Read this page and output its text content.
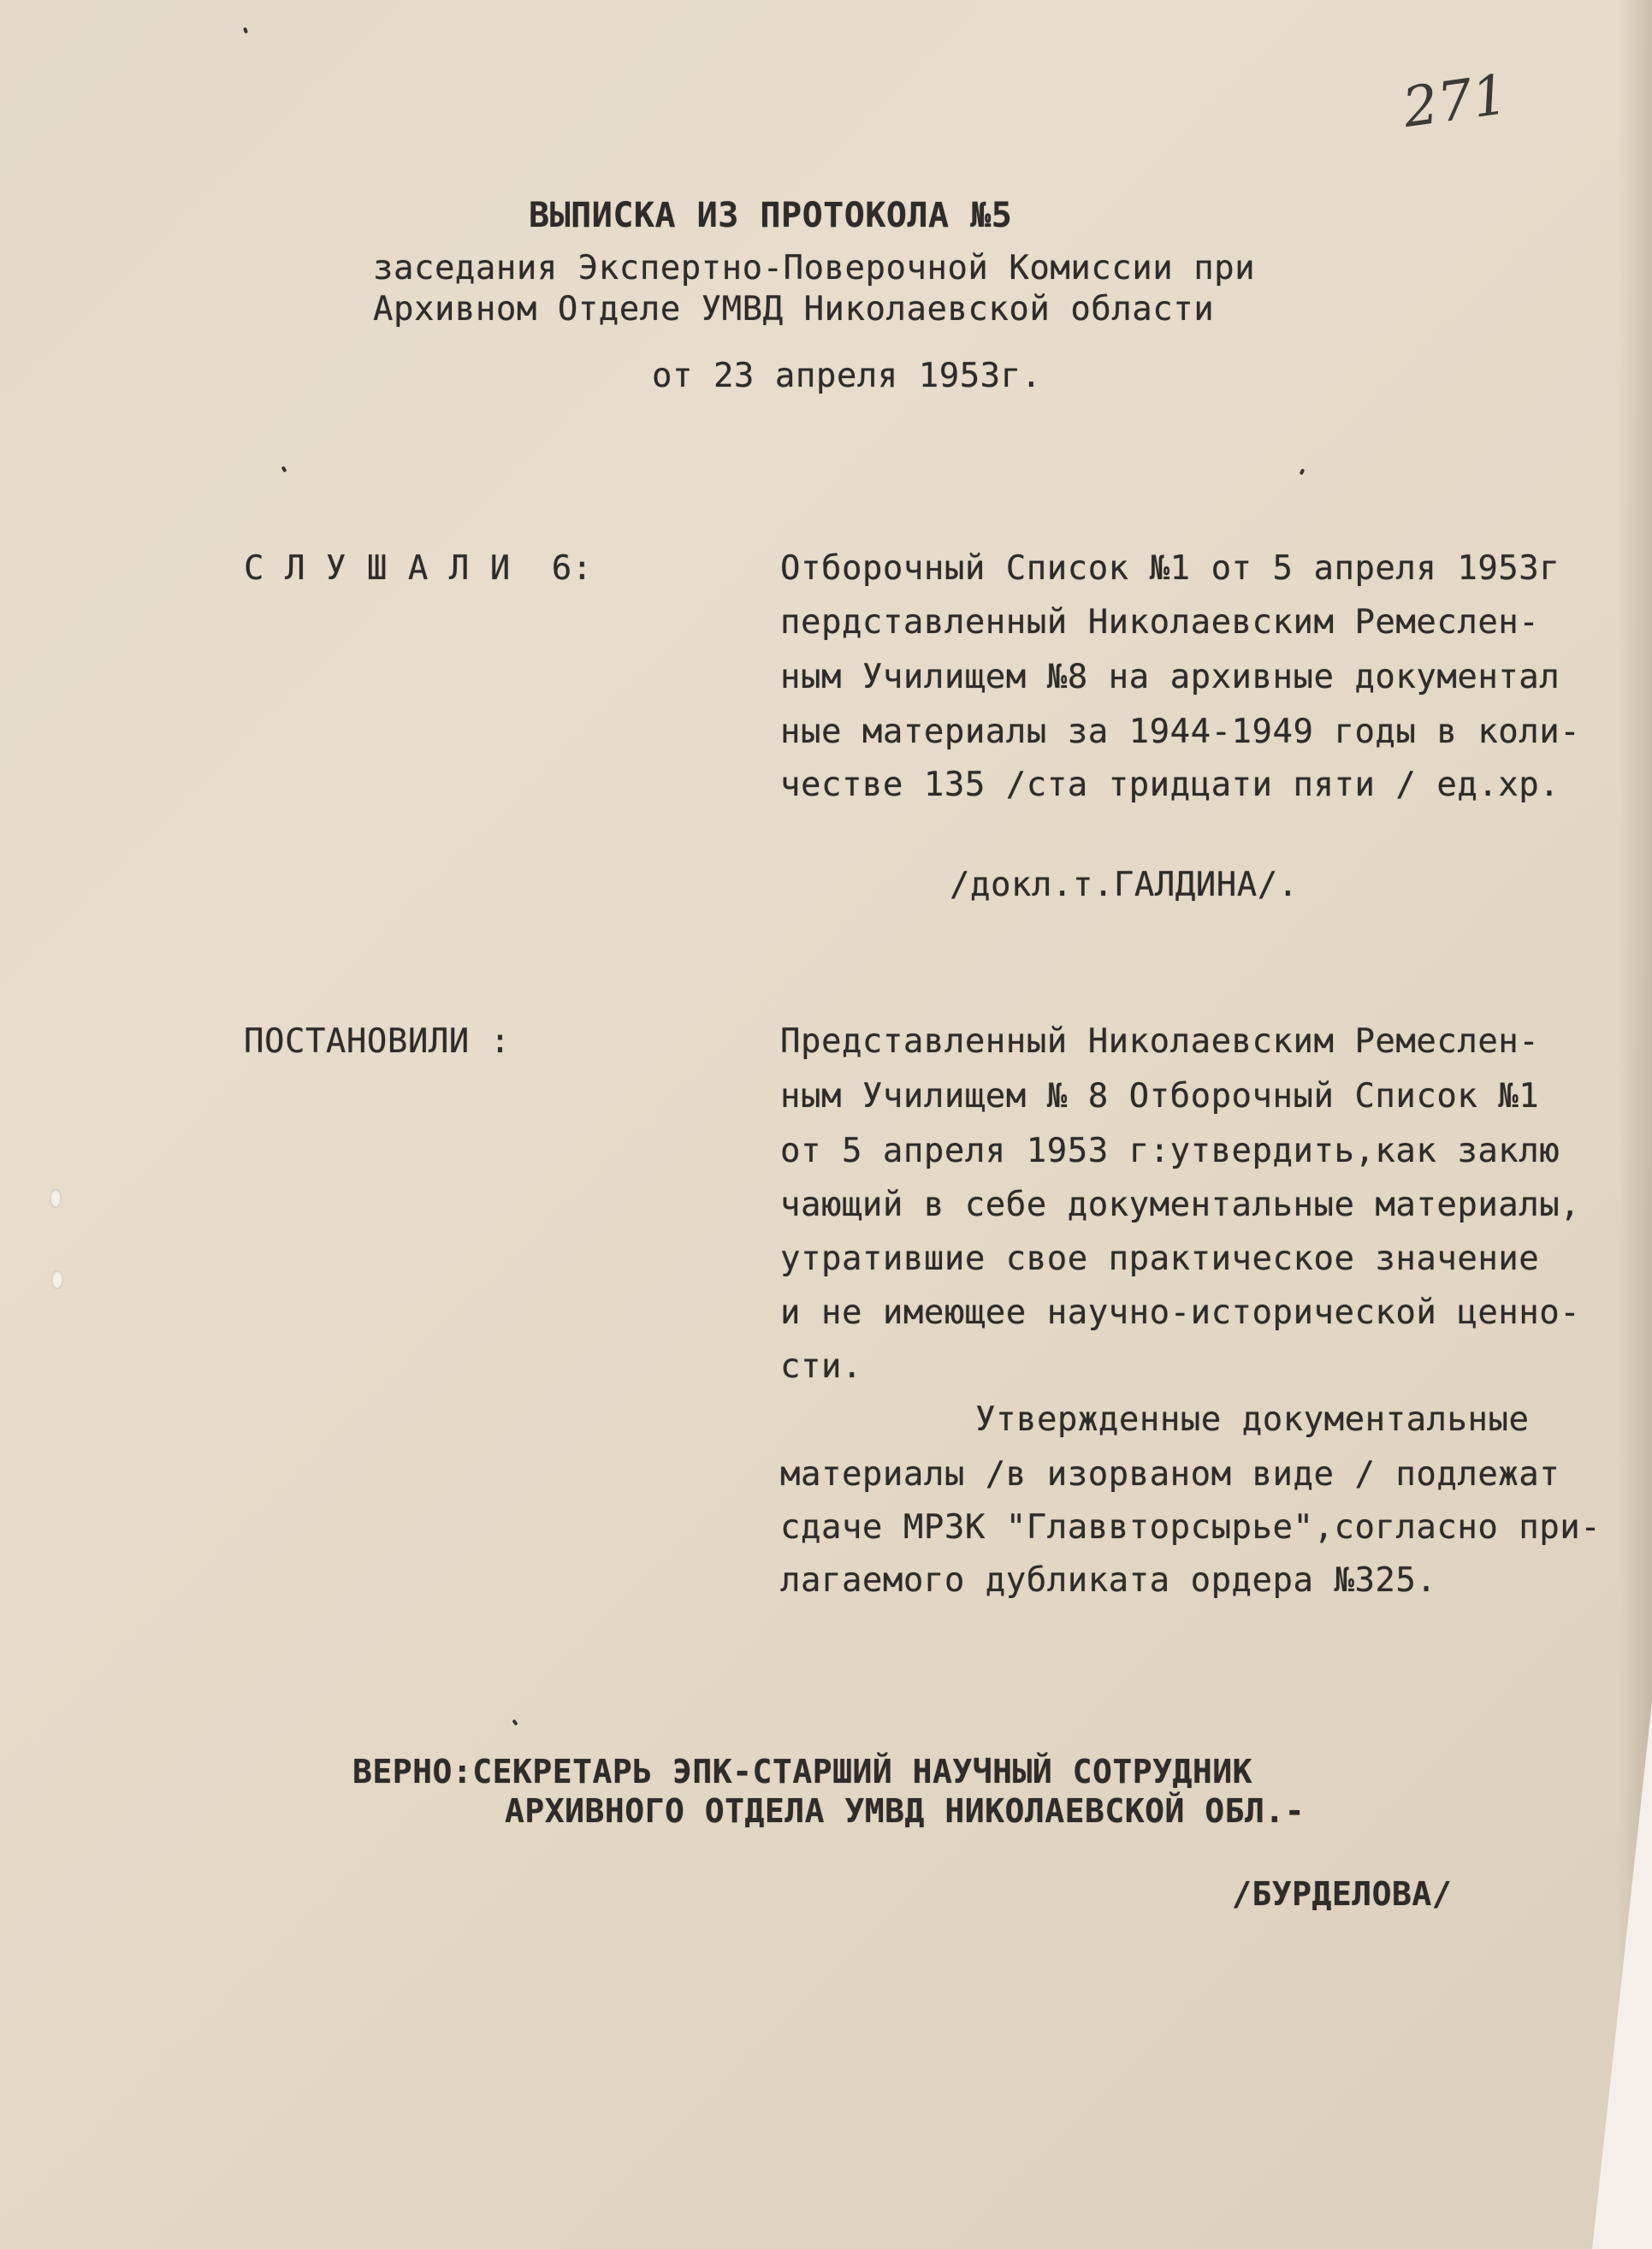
271
ВЫПИСКА ИЗ ПРОТОКОЛА №5
заседания Экспертно-Поверочной Комиссии при
Архивном Отделе УМВД Николаевской области
от 23 апреля 1953г.
С Л У Ш А Л И  6:	Отборочный Список №1 от 5 апреля 1953г
пердставленный Николаевским Ремеслен-
ным Училищем №8 на архивные документал
ные материалы за 1944-1949 годы в коли-
честве 135 /ста тридцати пяти / ед.хр.
/докл.т.ГАЛДИНА/.
ПОСТАНОВИЛИ :	Представленный Николаевским Ремеслен-
ным Училищем № 8 Отборочный Список №1
от 5 апреля 1953 г:утвердить,как заклю
чающий в себе документальные материалы,
утратившие свое практическое значение
и не имеющее научно-исторической ценно-
сти.
Утвержденные документальные
материалы /в изорваном виде / подлежат
сдаче МРЗК "Главвторсырье",согласно при-
лагаемого дубликата ордера №325.
ВЕРНО:СЕКРЕТАРЬ ЭПК-СТАРШИЙ НАУЧНЫЙ СОТРУДНИК
АРХИВНОГО ОТДЕЛА УМВД НИКОЛАЕВСКОЙ ОБЛ.-
/БУРДЕЛОВА/
